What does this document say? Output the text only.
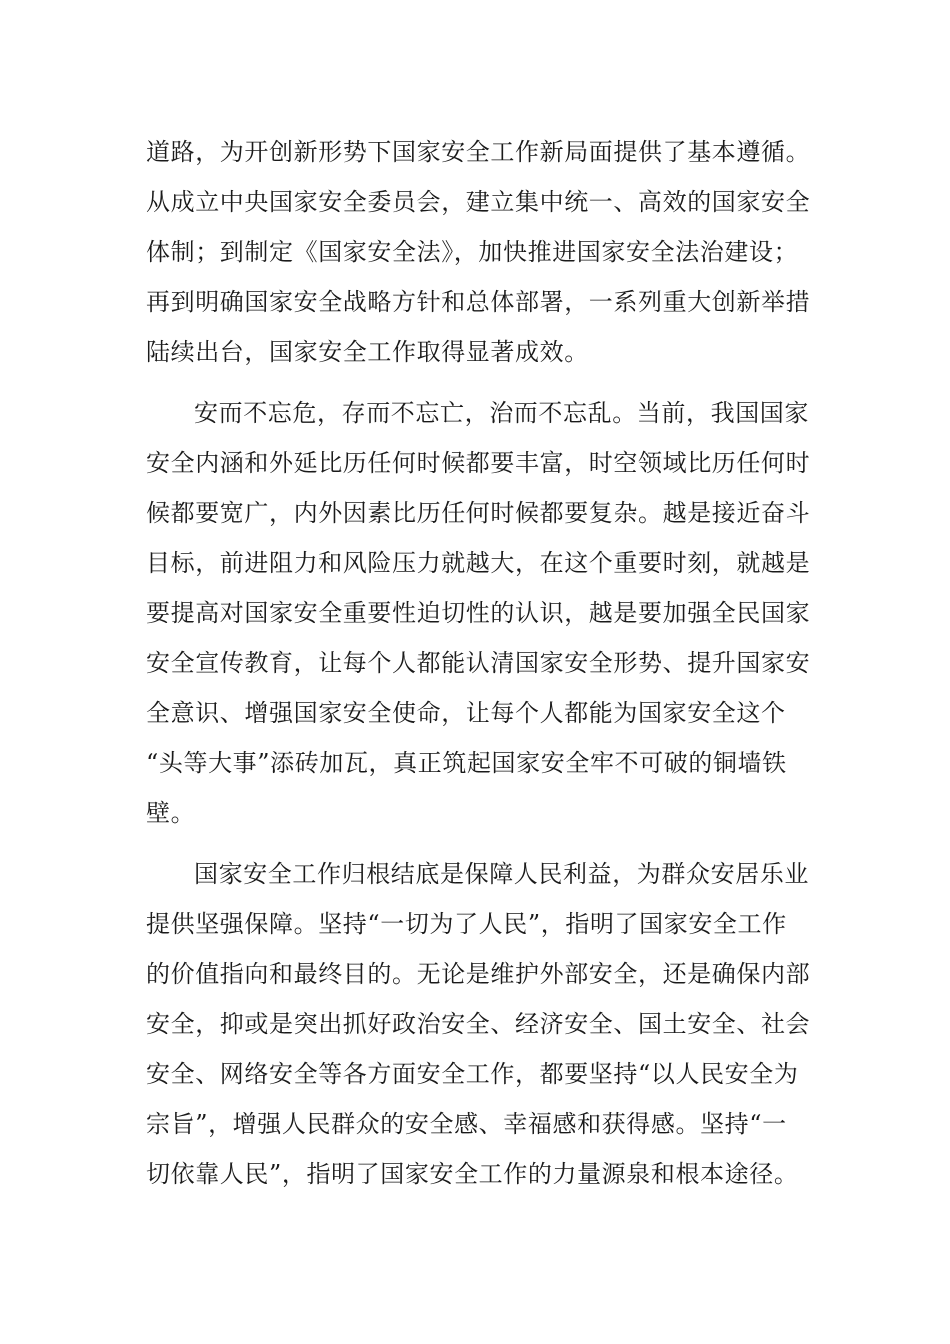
道路，为开创新形势下国家安全工作新局面提供了基本遵循。
从成立中央国家安全委员会，建立集中统一、高效的国家安全
体制；到制定《国家安全法》，加快推进国家安全法治建设；
再到明确国家安全战略方针和总体部署，一系列重大创新举措
陆续出台，国家安全工作取得显著成效。
安而不忘危，存而不忘亡，治而不忘乱。当前，我国国家
安全内涵和外延比历任何时候都要丰富，时空领域比历任何时
候都要宽广，内外因素比历任何时候都要复杂。越是接近奋斗
目标，前进阻力和风险压力就越大，在这个重要时刻，就越是
要提高对国家安全重要性迫切性的认识，越是要加强全民国家
安全宣传教育，让每个人都能认清国家安全形势、提升国家安
全意识、增强国家安全使命，让每个人都能为国家安全这个
“头等大事”添砖加瓦，真正筑起国家安全牢不可破的铜墙铁
壁。
国家安全工作归根结底是保障人民利益，为群众安居乐业
提供坚强保障。坚持“一切为了人民”，指明了国家安全工作
的价值指向和最终目的。无论是维护外部安全，还是确保内部
安全，抑或是突出抓好政治安全、经济安全、国土安全、社会
安全、网络安全等各方面安全工作，都要坚持“以人民安全为
宗旨”，增强人民群众的安全感、幸福感和获得感。坚持“一
切依靠人民”，指明了国家安全工作的力量源泉和根本途径。
